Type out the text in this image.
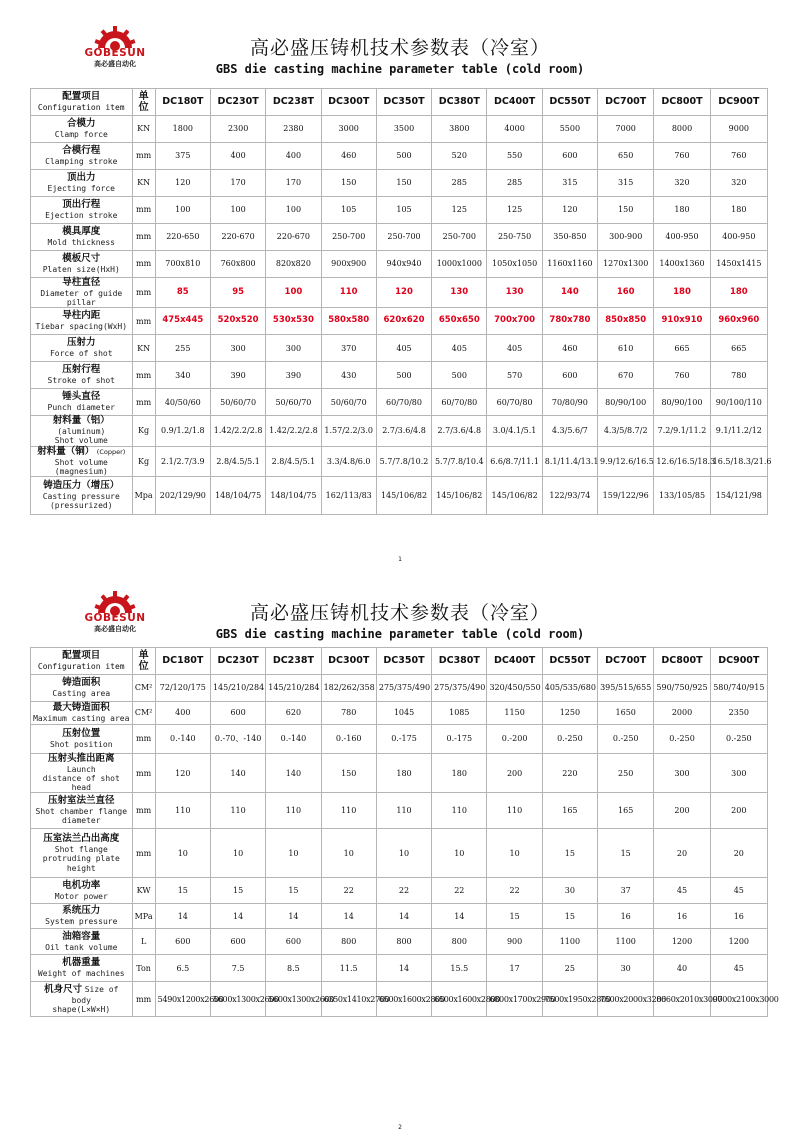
GOBESUN
高必盛自动化
高必盛压铸机技术参数表（冷室）
GBS die casting machine parameter table (cold room)
配置项目
Configuration item	单位	DC180T	DC230T	DC238T	DC300T	DC350T	DC380T	DC400T	DC550T	DC700T	DC800T	DC900T
合模力
Clamp force	KN	1800	2300	2380	3000	3500	3800	4000	5500	7000	8000	9000
合模行程
Clamping stroke	mm	375	400	400	460	500	520	550	600	650	760	760
顶出力
Ejecting force	KN	120	170	170	150	150	285	285	315	315	320	320
顶出行程
Ejection stroke	mm	100	100	100	105	105	125	125	120	150	180	180
模具厚度
Mold thickness	mm	220-650	220-670	220-670	250-700	250-700	250-700	250-750	350-850	300-900	400-950	400-950
模板尺寸
Platen size(HxH)	mm	700x810	760x800	820x820	900x900	940x940	1000x1000	1050x1050	1160x1160	1270x1300	1400x1360	1450x1415
导柱直径
Diameter of guide pillar	mm	85	95	100	110	120	130	130	140	160	180	180
导柱内距
Tiebar spacing(WxH)	mm	475x445	520x520	530x530	580x580	620x620	650x650	700x700	780x780	850x850	910x910	960x960
压射力
Force of shot	KN	255	300	300	370	405	405	405	460	610	665	665
压射行程
Stroke of shot	mm	340	390	390	430	500	500	570	600	670	760	780
锤头直径
Punch diameter	mm	40/50/60	50/60/70	50/60/70	50/60/70	60/70/80	60/70/80	60/70/80	70/80/90	80/90/100	80/90/100	90/100/110
射料量（铝） (aluminum)
Shot volume	Kg	0.9/1.2/1.8	1.42/2.2/2.8	1.42/2.2/2.8	1.57/2.2/3.0	2.7/3.6/4.8	2.7/3.6/4.8	3.0/4.1/5.1	4.3/5.6/7	4.3/5/8.7/2	7.2/9.1/11.2	9.1/11.2/12
射料量（铜） (Copper)
Shot volume (magnesium)	Kg	2.1/2.7/3.9	2.8/4.5/5.1	2.8/4.5/5.1	3.3/4.8/6.0	5.7/7.8/10.2	5.7/7.8/10.4	6.6/8.7/11.1	8.1/11.4/13.1	9.9/12.6/16.5	12.6/16.5/18.3	16.5/18.3/21.6
铸造压力（增压）
Casting pressure (pressurized)	Mpa	202/129/90	148/104/75	148/104/75	162/113/83	145/106/82	145/106/82	145/106/82	122/93/74	159/122/96	133/105/85	154/121/98
1
GOBESUN
高必盛自动化
高必盛压铸机技术参数表（冷室）
GBS die casting machine parameter table (cold room)
配置项目
Configuration item	单位	DC180T	DC230T	DC238T	DC300T	DC350T	DC380T	DC400T	DC550T	DC700T	DC800T	DC900T
铸造面积
Casting area	CM²	72/120/175	145/210/284	145/210/284	182/262/358	275/375/490	275/375/490	320/450/550	405/535/680	395/515/655	590/750/925	580/740/915
最大铸造面积
Maximum casting area	CM²	400	600	620	780	1045	1085	1150	1250	1650	2000	2350
压射位置
Shot position	mm	0.-140	0.-70、-140	0.-140	0.-160	0.-175	0.-175	0.-200	0.-250	0.-250	0.-250	0.-250
压射头推出距离 Launch
distance of shot head	mm	120	140	140	150	180	180	200	220	250	300	300
压射室法兰直径
Shot chamber flange diameter	mm	110	110	110	110	110	110	110	165	165	200	200
压室法兰凸出高度
Shot flange protruding plate height	mm	10	10	10	10	10	10	10	15	15	20	20
电机功率
Motor power	KW	15	15	15	22	22	22	22	30	37	45	45
系统压力
System pressure	MPa	14	14	14	14	14	14	15	15	16	16	16
油箱容量
Oil tank volume	L	600	600	600	800	800	800	900	1100	1100	1200	1200
机器重量
Weight of machines	Ton	6.5	7.5	8.5	11.5	14	15.5	17	25	30	40	45
机身尺寸 Size of body
shape(L×W×H)	mm	5490x1200x2600	5600x1300x2600	5600x1300x2600	6350x1410x2700	6500x1600x2800	6500x1600x2800	6800x1700x2900	7500x1950x2800	7500x2000x3200	8660x2010x3000	9700x2100x3000
2
